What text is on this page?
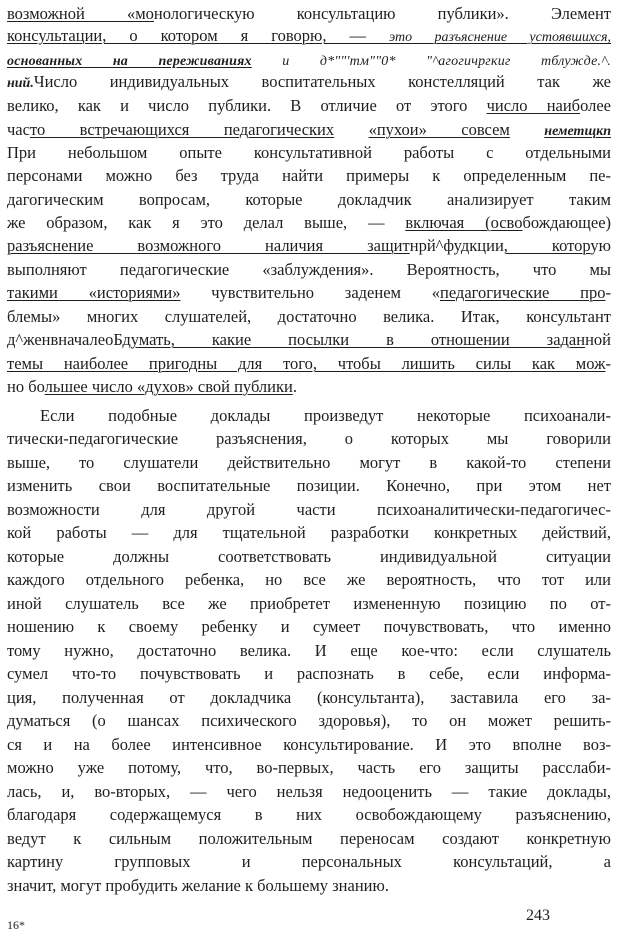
возможной «монологическую консультацию публики». Элемент
консультации, о котором я говорю, — это разъяснение устоявшихся,
основанных на переживаниях и д*""'тм""0* "^агогичргкиг тблужде.^.
ний.Число индивидуальных воспитательных констелляций так же
велико, как и число публики. В отличие от этого число наиболее
часто встречающихся педагогических «пухои» совсем неметщкп
При небольшом опыте консультативной работы с отдельными
персонами можно без труда найти примеры к определенным пе-
дагогическим вопросам, которые докладчик анализирует таким
же образом, как я это делал выше, — включая (освобождающее)
разъяснение возможного наличия защитнрй^фудкции, которую
выполняют педагогические «заблуждения». Вероятность, что мы
такими «историями» чувствительно заденем «педагогические про-
блемы» многих слушателей, достаточно велика. Итак, консультант
д^женвначалеоБдумать, какие посылки в отношении заданной
темы наиболее пригодны для того, чтобы лишить силы как мож-
но большее число «духов» свой публики.
Если подобные доклады произведут некоторые психоанали-
тически-педагогические разъяснения, о которых мы говорили
выше, то слушатели действительно могут в какой-то степени
изменить свои воспитательные позиции. Конечно, при этом нет
возможности для другой части психоаналитически-педагогичес-
кой работы — для тщательной разработки конкретных действий,
которые должны соответствовать индивидуальной ситуации
каждого отдельного ребенка, но все же вероятность, что тот или
иной слушатель все же приобретет измененную позицию по от-
ношению к своему ребенку и сумеет почувствовать, что именно
тому нужно, достаточно велика. И еще кое-что: если слушатель
сумел что-то почувствовать и распознать в себе, если информа-
ция, полученная от докладчика (консультанта), заставила его за-
думаться (о шансах психического здоровья), то он может решить-
ся и на более интенсивное консультирование. И это вполне воз-
можно уже потому, что, во-первых, часть его защиты расслаби-
лась, и, во-вторых, — чего нельзя недооценить — такие доклады,
благодаря содержащемуся в них освобождающему разъяснению,
ведут к сильным положительным переносам создают конкретную
картину групповых и персональных консультаций, а
значит, могут пробудить желание к большему знанию.
16*
243
